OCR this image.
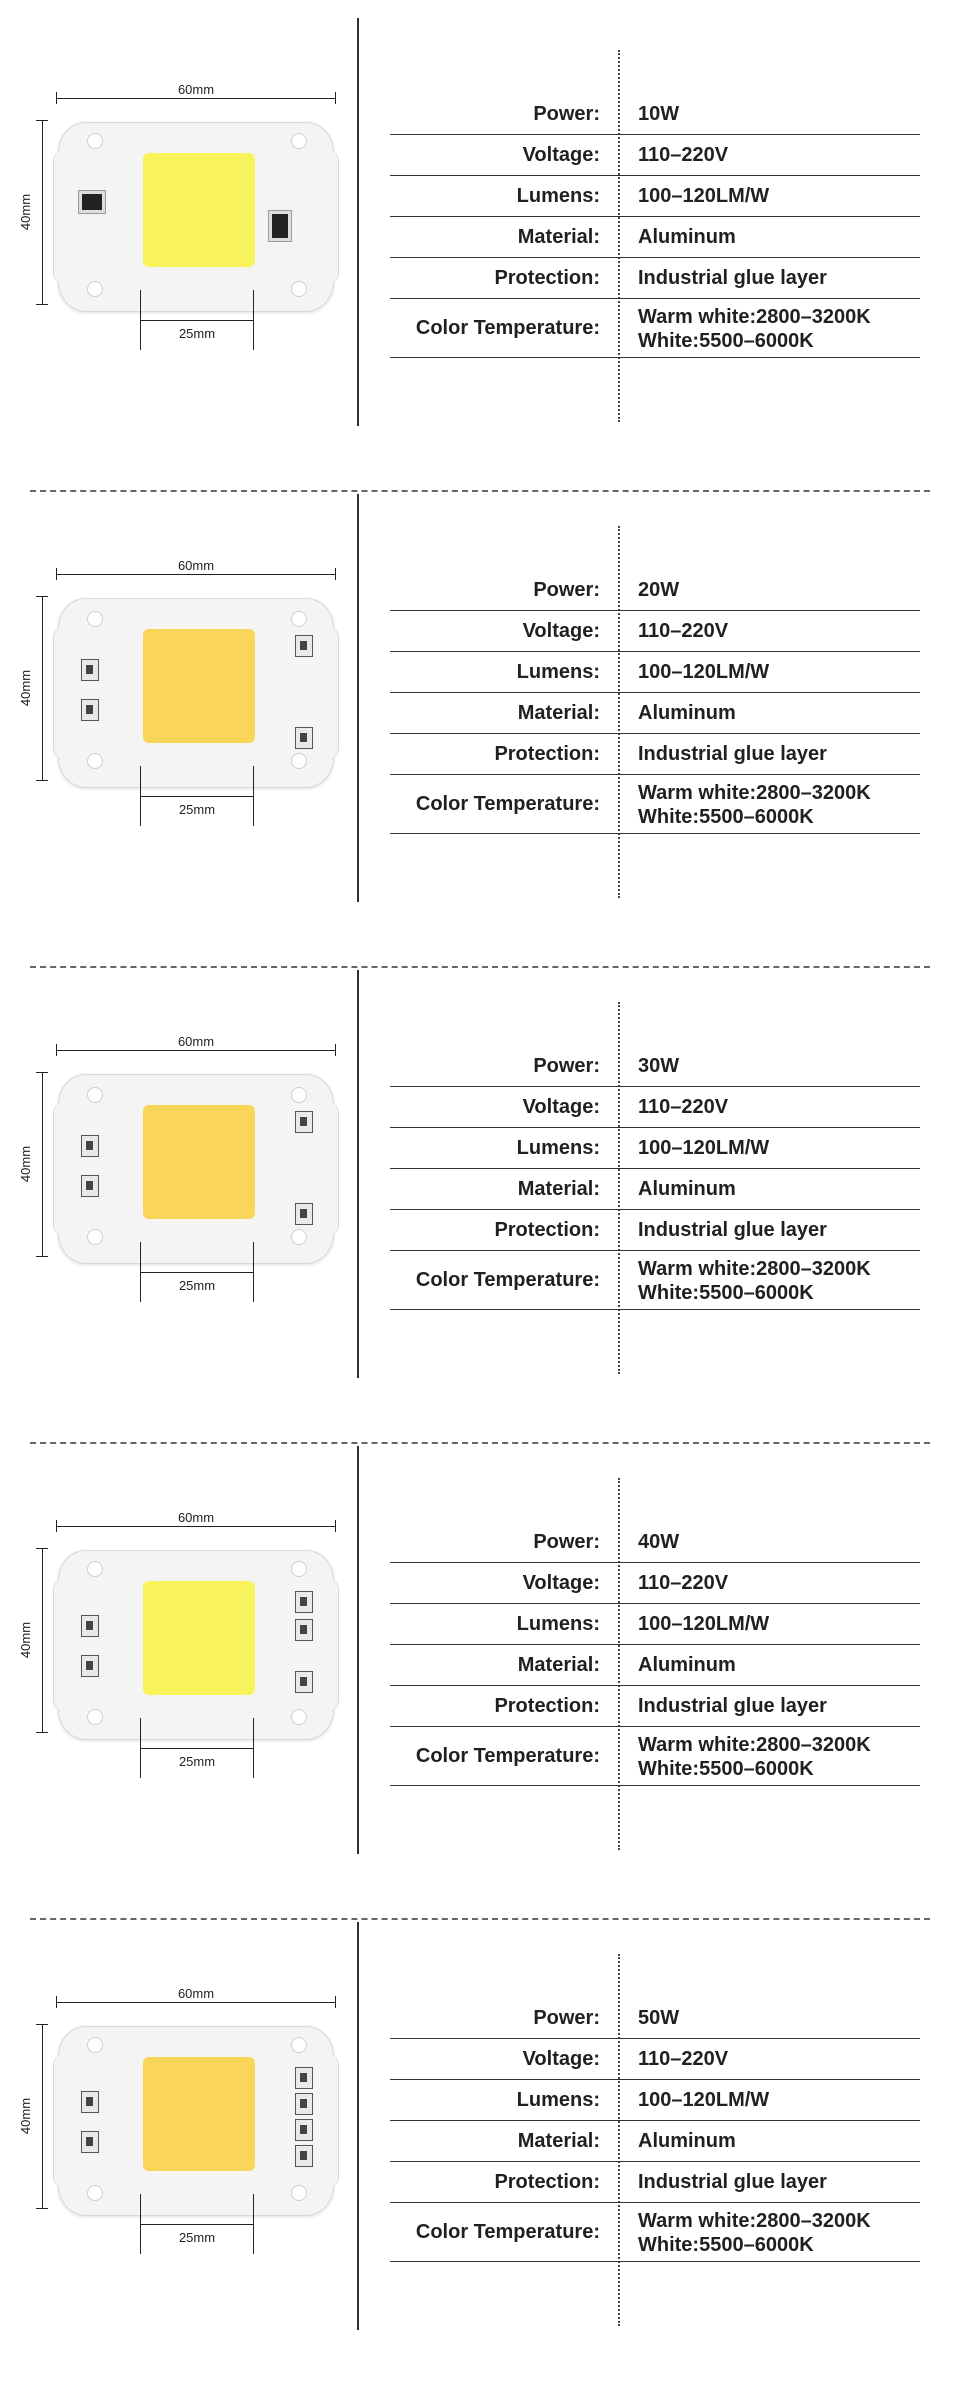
60mm
40mm
25mm
Power:	10W
Voltage:	110–220V
Lumens:	100–120LM/W
Material:	Aluminum
Protection:	Industrial glue layer
Color Temperature:	Warm white:2800–3200K
White:5500–6000K
60mm
40mm
25mm
Power:	20W
Voltage:	110–220V
Lumens:	100–120LM/W
Material:	Aluminum
Protection:	Industrial glue layer
Color Temperature:	Warm white:2800–3200K
White:5500–6000K
60mm
40mm
25mm
Power:	30W
Voltage:	110–220V
Lumens:	100–120LM/W
Material:	Aluminum
Protection:	Industrial glue layer
Color Temperature:	Warm white:2800–3200K
White:5500–6000K
60mm
40mm
25mm
Power:	40W
Voltage:	110–220V
Lumens:	100–120LM/W
Material:	Aluminum
Protection:	Industrial glue layer
Color Temperature:	Warm white:2800–3200K
White:5500–6000K
60mm
40mm
25mm
Power:	50W
Voltage:	110–220V
Lumens:	100–120LM/W
Material:	Aluminum
Protection:	Industrial glue layer
Color Temperature:	Warm white:2800–3200K
White:5500–6000K
